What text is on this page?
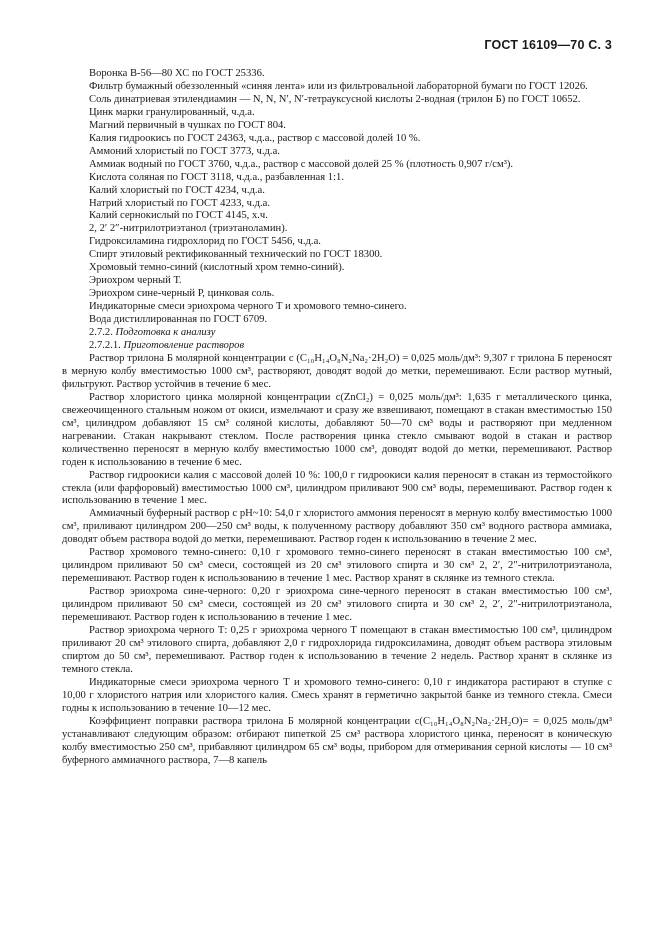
ГОСТ 16109—70 С. 3

Воронка В-56—80 ХС по ГОСТ 25336.

Фильтр бумажный обеззоленный «синяя лента» или из фильтровальной лабораторной бумаги по ГОСТ 12026.

Соль динатриевая этилендиамин — N, N, N′, N′-тетрауксусной кислоты 2-водная (трилон Б) по ГОСТ 10652.

Цинк марки гранулированный, ч.д.а.

Магний первичный в чушках по ГОСТ 804.

Калия гидроокись по ГОСТ 24363, ч.д.а., раствор с массовой долей 10 %.

Аммоний хлористый по ГОСТ 3773, ч.д.а.

Аммиак водный по ГОСТ 3760, ч.д.а., раствор с массовой долей 25 % (плотность 0,907 г/см³).

Кислота соляная по ГОСТ 3118, ч.д.а., разбавленная 1:1.

Калий хлористый по ГОСТ 4234, ч.д.а.

Натрий хлористый по ГОСТ 4233, ч.д.а.

Калий сернокислый по ГОСТ 4145, х.ч.

2, 2′ 2″-нитрилотриэтанол (триэтаноламин).

Гидроксиламина гидрохлорид по ГОСТ 5456, ч.д.а.

Спирт этиловый ректификованный технический по ГОСТ 18300.

Хромовый темно-синий (кислотный хром темно-синий).

Эриохром черный Т.

Эриохром сине-черный Р, цинковая соль.

Индикаторные смеси эриохрома черного Т и хромового темно-синего.

Вода дистиллированная по ГОСТ 6709.

2.7.2. Подготовка к анализу

2.7.2.1. Приготовление растворов

Раствор трилона Б молярной концентрации c (C₁₀H₁₄O₈N₂Na₂·2H₂O) = 0,025 моль/дм³: 9,307 г трилона Б переносят в мерную колбу вместимостью 1000 см³, растворяют, доводят водой до метки, перемешивают. Если раствор мутный, фильтруют. Раствор устойчив в течение 6 мес.

Раствор хлористого цинка молярной концентрации c(ZnCl₂) = 0,025 моль/дм³: 1,635 г металлического цинка, свежеочищенного стальным ножом от окиси, измельчают и сразу же взвешивают, помещают в стакан вместимостью 150 см³, цилиндром добавляют 15 см³ соляной кислоты, добавляют 50—70 см³ воды и растворяют при медленном нагревании. Стакан накрывают стеклом. После растворения цинка стекло смывают водой в стакан и раствор количественно переносят в мерную колбу вместимостью 1000 см³, доводят водой до метки, перемешивают. Раствор годен к использованию в течение 6 мес.

Раствор гидроокиси калия с массовой долей 10 %: 100,0 г гидроокиси калия переносят в стакан из термостойкого стекла (или фарфоровый) вместимостью 1000 см³, цилиндром приливают 900 см³ воды, перемешивают. Раствор годен к использованию в течение 1 мес.

Аммиачный буферный раствор с pH~10: 54,0 г хлористого аммония переносят в мерную колбу вместимостью 1000 см³, приливают цилиндром 200—250 см³ воды, к полученному раствору добавляют 350 см³ водного раствора аммиака, доводят объем раствора водой до метки, перемешивают. Раствор годен к использованию в течение 2 мес.

Раствор хромового темно-синего: 0,10 г хромового темно-синего переносят в стакан вместимостью 100 см³, цилиндром приливают 50 см³ смеси, состоящей из 20 см³ этилового спирта и 30 см³ 2, 2′, 2″-нитрилотриэтанола, перемешивают. Раствор годен к использованию в течение 1 мес. Раствор хранят в склянке из темного стекла.

Раствор эриохрома сине-черного: 0,20 г эриохрома сине-черного переносят в стакан вместимостью 100 см³, цилиндром приливают 50 см³ смеси, состоящей из 20 см³ этилового спирта и 30 см³ 2, 2′, 2″-нитрилотриэтанола, перемешивают. Раствор годен к использованию в течение 1 мес.

Раствор эриохрома черного Т: 0,25 г эриохрома черного Т помещают в стакан вместимостью 100 см³, цилиндром приливают 20 см³ этилового спирта, добавляют 2,0 г гидрохлорида гидроксиламина, доводят объем раствора этиловым спиртом до 50 см³, перемешивают. Раствор годен к использованию в течение 2 недель. Раствор хранят в склянке из темного стекла.

Индикаторные смеси эриохрома черного Т и хромового темно-синего: 0,10 г индикатора растирают в ступке с 10,00 г хлористого натрия или хлористого калия. Смесь хранят в герметично закрытой банке из темного стекла. Смеси годны к использованию в течение 10—12 мес.

Коэффициент поправки раствора трилона Б молярной концентрации c(C₁₀H₁₄O₈N₂Na₂·2H₂O)= = 0,025 моль/дм³ устанавливают следующим образом: отбирают пипеткой 25 см³ раствора хлористого цинка, переносят в коническую колбу вместимостью 250 см³, прибавляют цилиндром 65 см³ воды, прибором для отмеривания серной кислоты — 10 см³ буферного аммиачного раствора, 7—8 капель
